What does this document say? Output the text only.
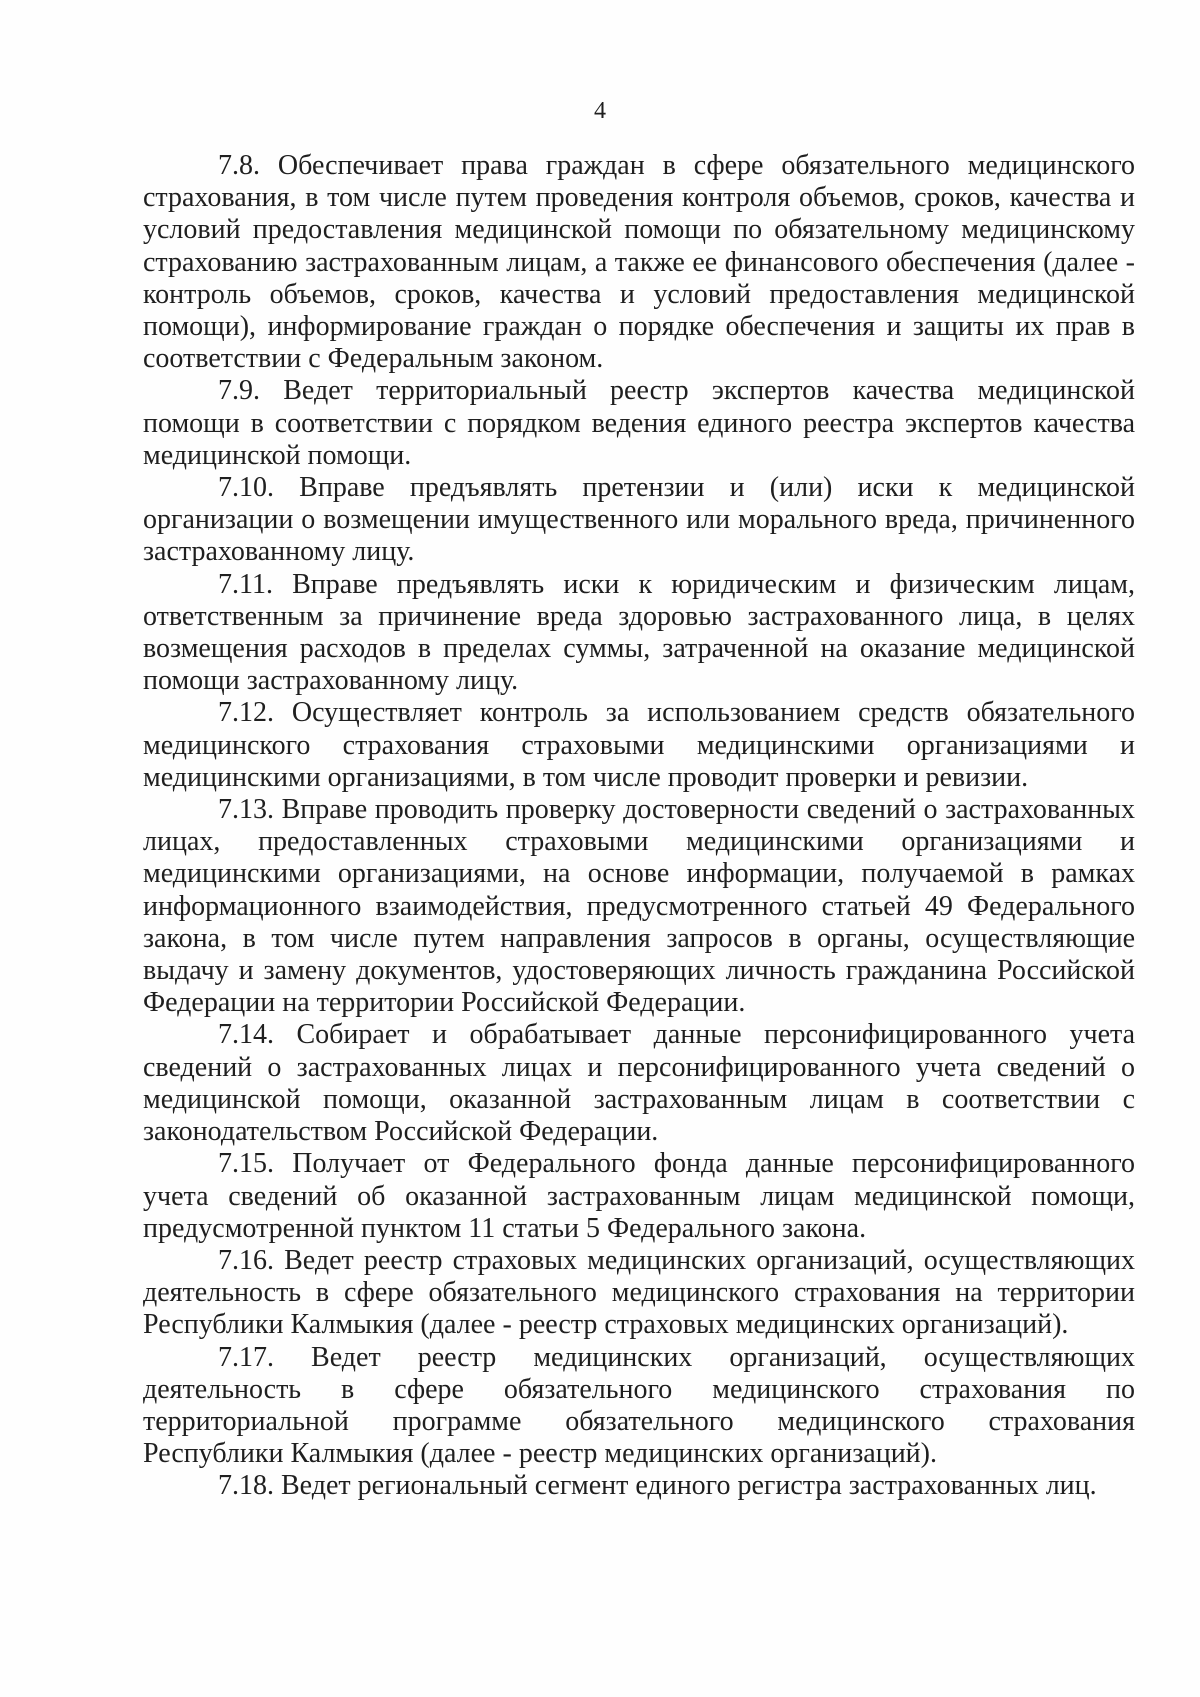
4

7.8. Обеспечивает права граждан в сфере обязательного медицинского страхования, в том числе путем проведения контроля объемов, сроков, качества и условий предоставления медицинской помощи по обязательному медицинскому страхованию застрахованным лицам, а также ее финансового обеспечения (далее - контроль объемов, сроков, качества и условий предоставления медицинской помощи), информирование граждан о порядке обеспечения и защиты их прав в соответствии с Федеральным законом.

7.9. Ведет территориальный реестр экспертов качества медицинской помощи в соответствии с порядком ведения единого реестра экспертов качества медицинской помощи.

7.10. Вправе предъявлять претензии и (или) иски к медицинской организации о возмещении имущественного или морального вреда, причиненного застрахованному лицу.

7.11. Вправе предъявлять иски к юридическим и физическим лицам, ответственным за причинение вреда здоровью застрахованного лица, в целях возмещения расходов в пределах суммы, затраченной на оказание медицинской помощи застрахованному лицу.

7.12. Осуществляет контроль за использованием средств обязательного медицинского страхования страховыми медицинскими организациями и медицинскими организациями, в том числе проводит проверки и ревизии.

7.13. Вправе проводить проверку достоверности сведений о застрахованных лицах, предоставленных страховыми медицинскими организациями и медицинскими организациями, на основе информации, получаемой в рамках информационного взаимодействия, предусмотренного статьей 49 Федерального закона, в том числе путем направления запросов в органы, осуществляющие выдачу и замену документов, удостоверяющих личность гражданина Российской Федерации на территории Российской Федерации.

7.14. Собирает и обрабатывает данные персонифицированного учета сведений о застрахованных лицах и персонифицированного учета сведений о медицинской помощи, оказанной застрахованным лицам в соответствии с законодательством Российской Федерации.

7.15. Получает от Федерального фонда данные персонифицированного учета сведений об оказанной застрахованным лицам медицинской помощи, предусмотренной пунктом 11 статьи 5 Федерального закона.

7.16. Ведет реестр страховых медицинских организаций, осуществляющих деятельность в сфере обязательного медицинского страхования на территории Республики Калмыкия (далее - реестр страховых медицинских организаций).

7.17. Ведет реестр медицинских организаций, осуществляющих деятельность в сфере обязательного медицинского страхования по территориальной программе обязательного медицинского страхования Республики Калмыкия (далее - реестр медицинских организаций).

7.18. Ведет региональный сегмент единого регистра застрахованных лиц.
